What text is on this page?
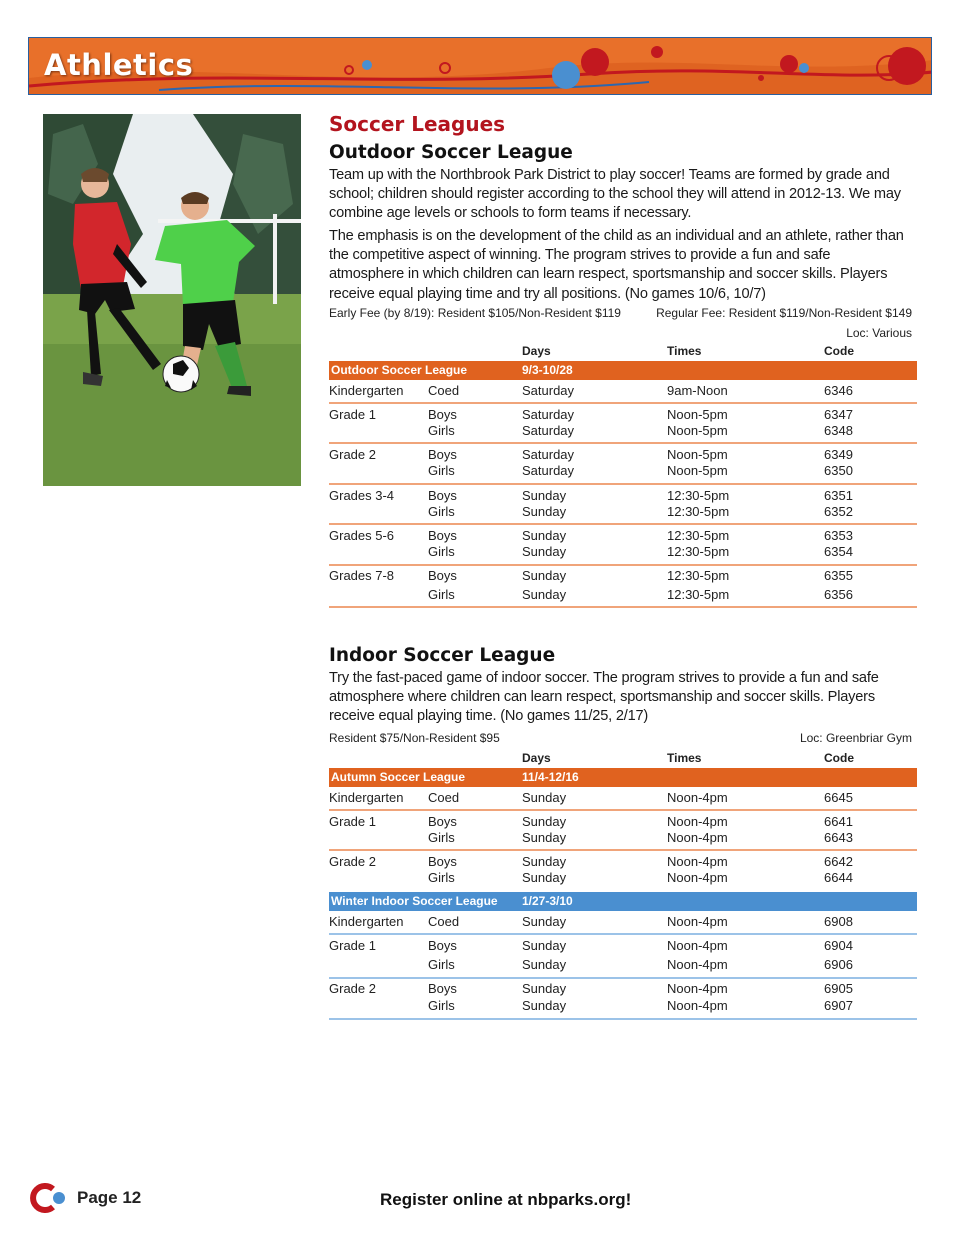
Athletics
Soccer Leagues
Outdoor Soccer League
Team up with the Northbrook Park District to play soccer! Teams are formed by grade and school; children should register according to the school they will attend in 2012-13. We may combine age levels or schools to form teams if necessary.
The emphasis is on the development of the child as an individual and an athlete, rather than the competitive aspect of winning. The program strives to provide a fun and safe atmosphere in which children can learn respect, sportsmanship and soccer skills. Players receive equal playing time and try all positions. (No games 10/6, 10/7)
Early Fee (by 8/19): Resident $105/Non-Resident $119	Regular Fee: Resident $119/Non-Resident $149
Loc: Various
Days	Times	Code
Outdoor Soccer League	9/3-10/28
Kindergarten Coed	Saturday	9am-Noon	6346
Grade 1	Boys	Saturday	Noon-5pm	6347
Girls	Saturday	Noon-5pm	6348
Grade 2	Boys	Saturday	Noon-5pm	6349
Girls	Saturday	Noon-5pm	6350
Grades 3-4	Boys	Sunday	12:30-5pm	6351
Girls	Sunday	12:30-5pm	6352
Grades 5-6	Boys	Sunday	12:30-5pm	6353
Girls	Sunday	12:30-5pm	6354
Grades 7-8	Boys	Sunday	12:30-5pm	6355
Girls	Sunday	12:30-5pm	6356
Indoor Soccer League
Try the fast-paced game of indoor soccer. The program strives to provide a fun and safe atmosphere where children can learn respect, sportsmanship and soccer skills. Players receive equal playing time. (No games 11/25, 2/17)
Resident $75/Non-Resident $95	Loc: Greenbriar Gym
Days	Times	Code
Autumn Soccer League	11/4-12/16
Kindergarten Coed	Sunday	Noon-4pm	6645
Grade 1	Boys	Sunday	Noon-4pm	6641
Girls	Sunday	Noon-4pm	6643
Grade 2	Boys	Sunday	Noon-4pm	6642
Girls	Sunday	Noon-4pm	6644
Winter Indoor Soccer League 1/27-3/10
Kindergarten Coed	Sunday	Noon-4pm	6908
Grade 1	Boys	Sunday	Noon-4pm	6904
Girls	Sunday	Noon-4pm	6906
Grade 2	Boys	Sunday	Noon-4pm	6905
Girls	Sunday	Noon-4pm	6907
Page 12	Register online at nbparks.org!
